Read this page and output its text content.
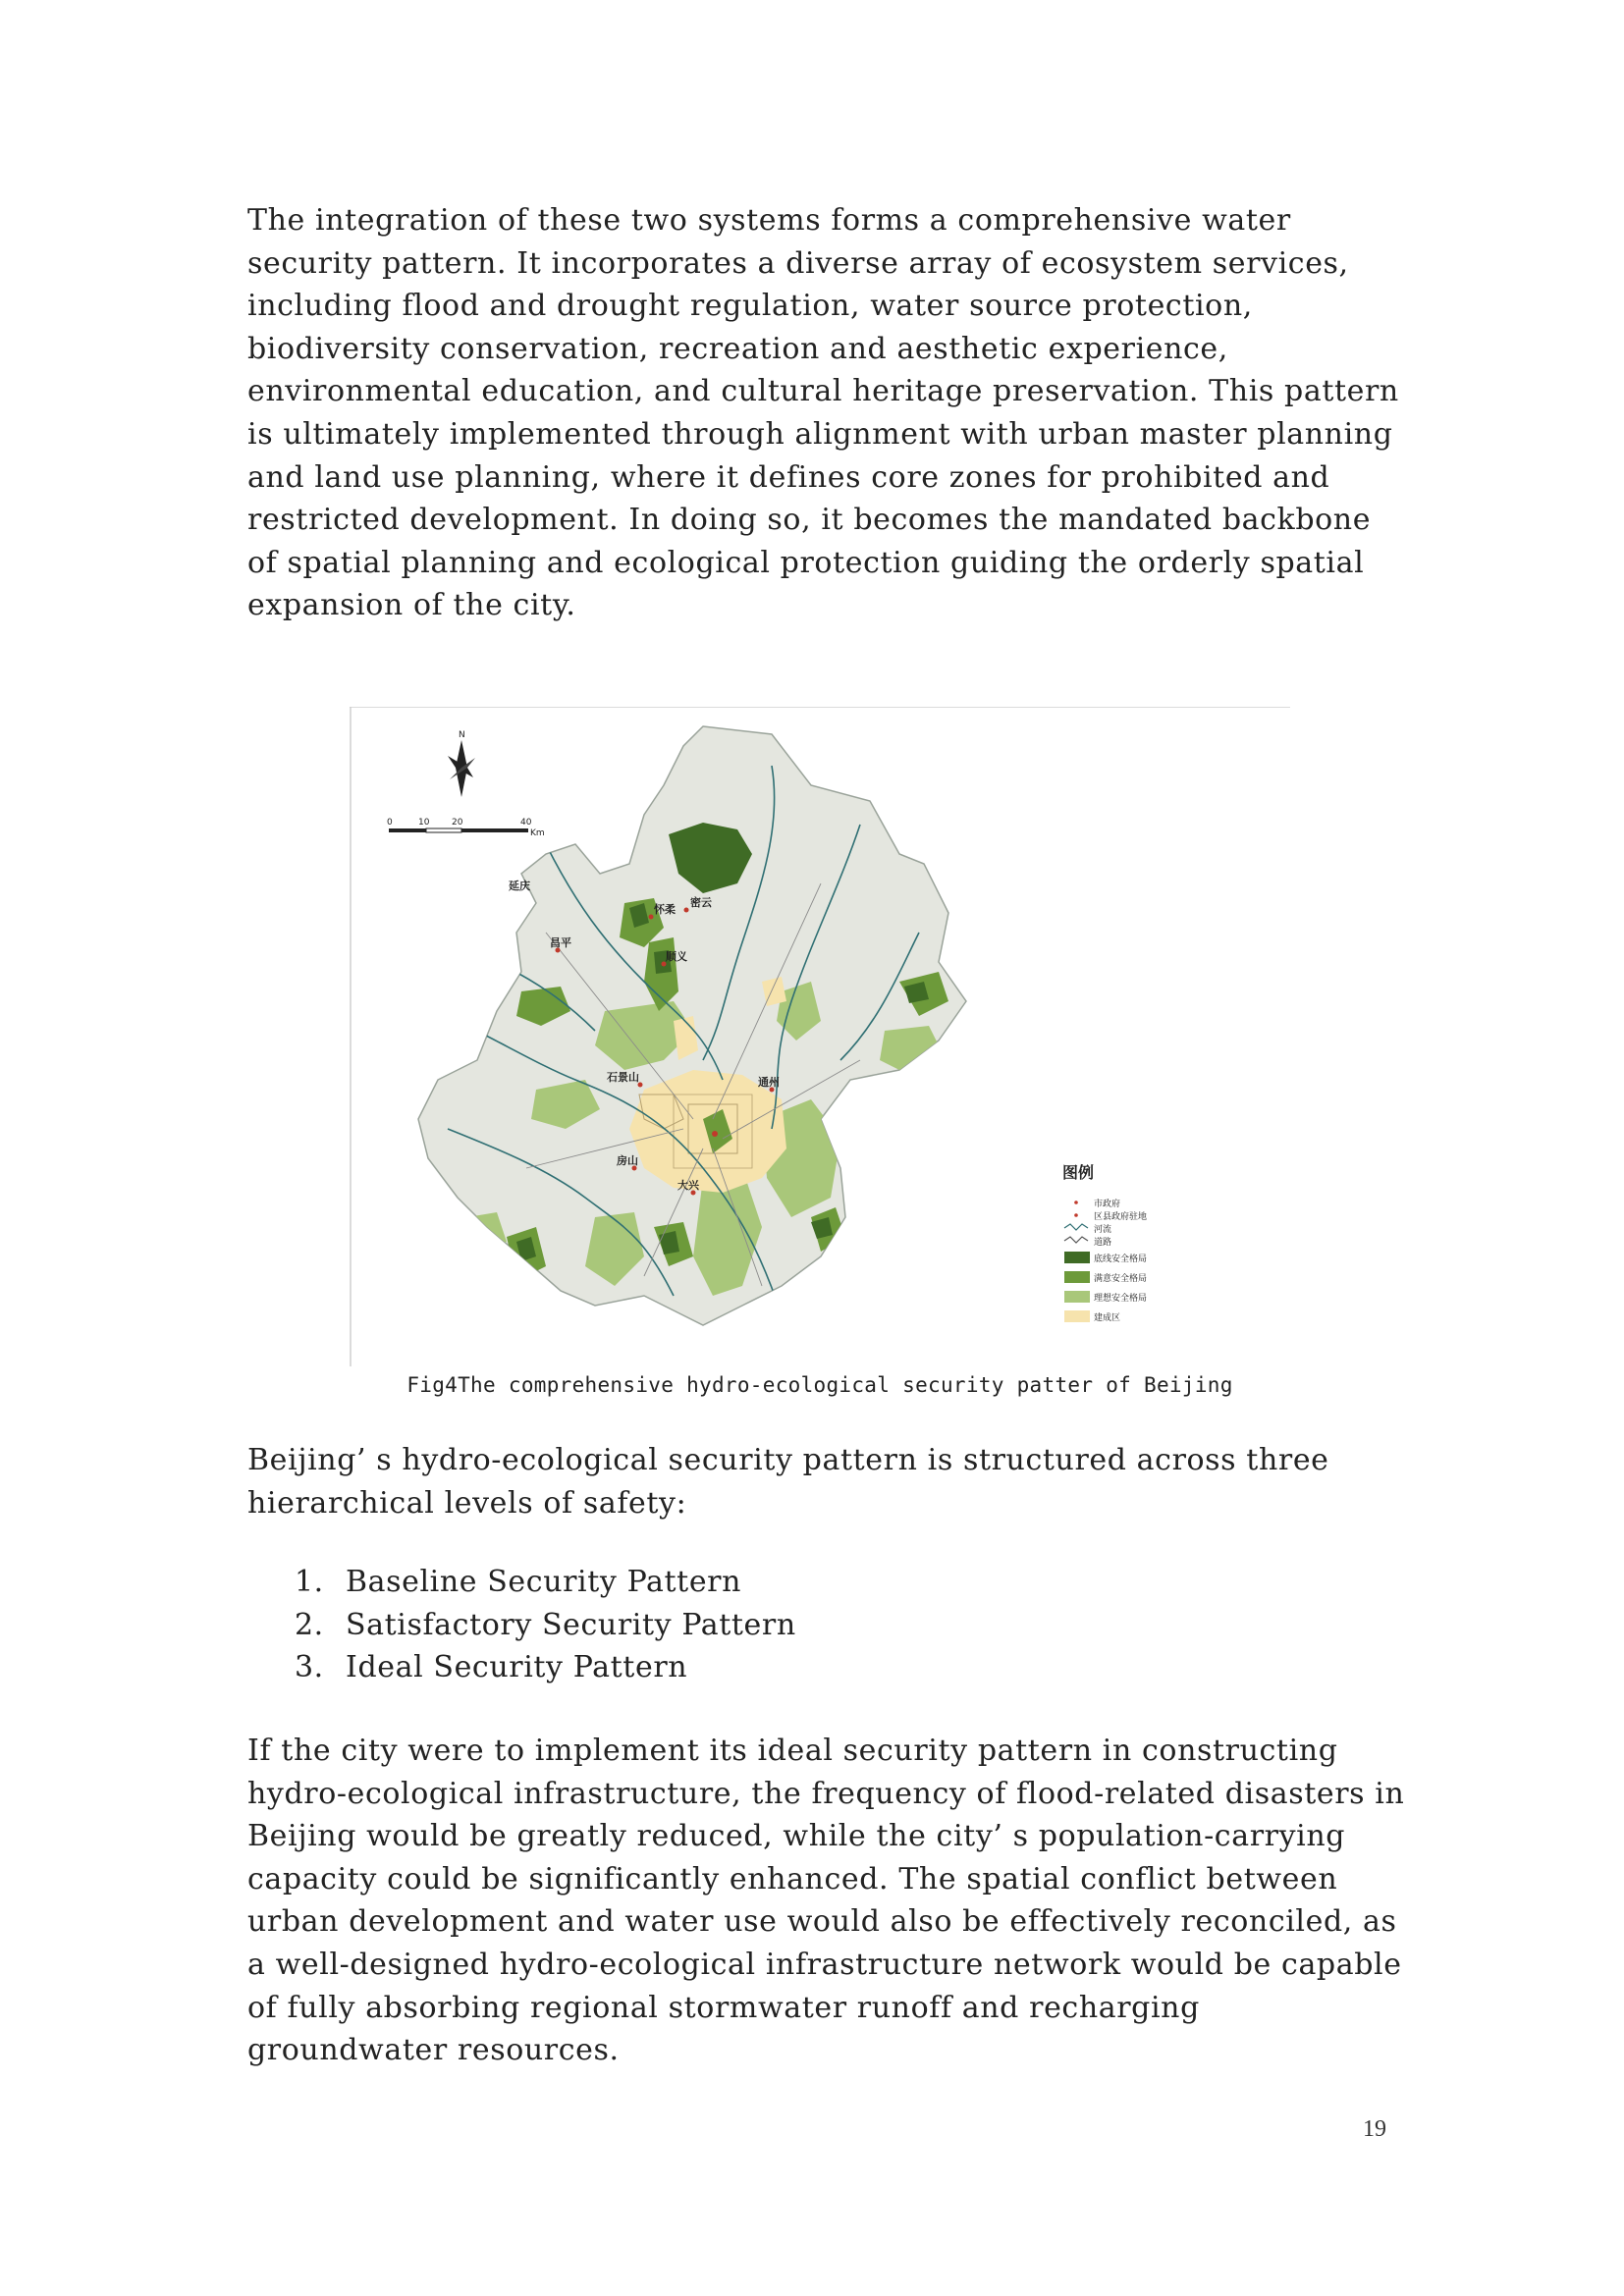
The integration of these two systems forms a comprehensive water security pattern. It incorporates a diverse array of ecosystem services, including flood and drought regulation, water source protection, biodiversity conservation, recreation and aesthetic experience, environmental education, and cultural heritage preservation. This pattern is ultimately implemented through alignment with urban master planning and land use planning, where it defines core zones for prohibited and restricted development. In doing so, it becomes the mandated backbone of spatial planning and ecological protection guiding the orderly spatial expansion of the city.

延庆
怀柔
密云
昌平
顺义
石景山	通州
房山
大兴
N
0	10	20	40
Km
图例
市政府
区县政府驻地
河流
道路
底线安全格局
满意安全格局
理想安全格局
建成区
Fig4The comprehensive hydro-ecological security patter of Beijing

Beijing’ s hydro-ecological security pattern is structured across three hierarchical levels of safety:

1. Baseline Security Pattern
2. Satisfactory Security Pattern
3. Ideal Security Pattern

If the city were to implement its ideal security pattern in constructing hydro-ecological infrastructure, the frequency of flood-related disasters in Beijing would be greatly reduced, while the city’ s population-carrying capacity could be significantly enhanced. The spatial conflict between urban development and water use would also be effectively reconciled, as a well-designed hydro-ecological infrastructure network would be capable of fully absorbing regional stormwater runoff and recharging groundwater resources.

19
